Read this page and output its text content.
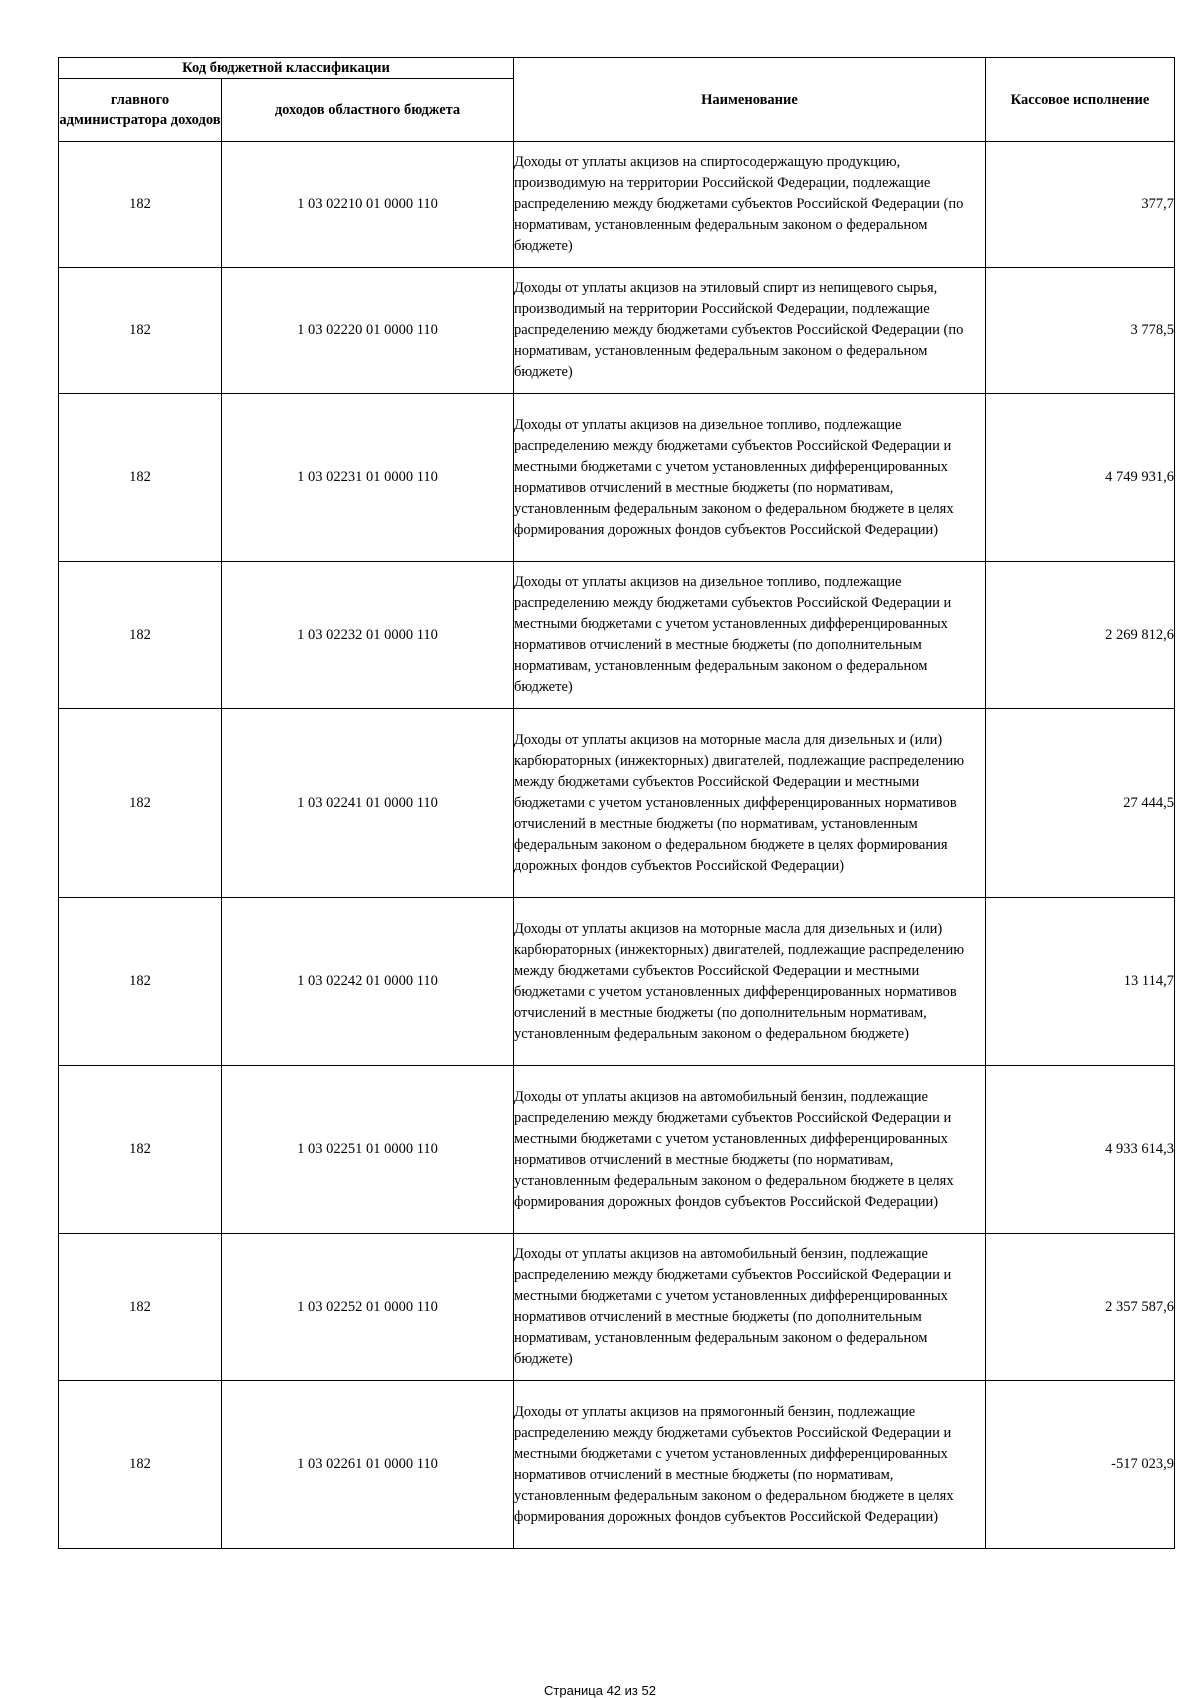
Код бюджетной классификации		Наименование	Кассовое исполнение
главного администратора доходов	доходов областного бюджета		
182	1 03 02210 01 0000 110	Доходы от уплаты акцизов на спиртосодержащую продукцию, производимую на территории Российской Федерации, подлежащие распределению между бюджетами субъектов Российской Федерации (по нормативам, установленным федеральным законом о федеральном бюджете)	377,7
182	1 03 02220 01 0000 110	Доходы от уплаты акцизов на этиловый спирт из непищевого сырья, производимый на территории Российской Федерации, подлежащие распределению между бюджетами субъектов Российской Федерации (по нормативам, установленным федеральным законом о федеральном бюджете)	3 778,5
182	1 03 02231 01 0000 110	Доходы от уплаты акцизов на дизельное топливо, подлежащие распределению между бюджетами субъектов Российской Федерации и местными бюджетами с учетом установленных дифференцированных нормативов отчислений в местные бюджеты (по нормативам, установленным федеральным законом о федеральном бюджете в целях формирования дорожных фондов субъектов Российской Федерации)	4 749 931,6
182	1 03 02232 01 0000 110	Доходы от уплаты акцизов на дизельное топливо, подлежащие распределению между бюджетами субъектов Российской Федерации и местными бюджетами с учетом установленных дифференцированных нормативов отчислений в местные бюджеты (по дополнительным нормативам, установленным федеральным законом о федеральном бюджете)	2 269 812,6
182	1 03 02241 01 0000 110	Доходы от уплаты акцизов на моторные масла для дизельных и (или) карбюраторных (инжекторных) двигателей, подлежащие распределению между бюджетами субъектов Российской Федерации и местными бюджетами с учетом установленных дифференцированных нормативов отчислений в местные бюджеты (по нормативам, установленным федеральным законом о федеральном бюджете в целях формирования дорожных фондов субъектов Российской Федерации)	27 444,5
182	1 03 02242 01 0000 110	Доходы от уплаты акцизов на моторные масла для дизельных и (или) карбюраторных (инжекторных) двигателей, подлежащие распределению между бюджетами субъектов Российской Федерации и местными бюджетами с учетом установленных дифференцированных нормативов отчислений в местные бюджеты (по дополнительным нормативам, установленным федеральным законом о федеральном бюджете)	13 114,7
182	1 03 02251 01 0000 110	Доходы от уплаты акцизов на автомобильный бензин, подлежащие распределению между бюджетами субъектов Российской Федерации и местными бюджетами с учетом установленных дифференцированных нормативов отчислений в местные бюджеты (по нормативам, установленным федеральным законом о федеральном бюджете в целях формирования дорожных фондов субъектов Российской Федерации)	4 933 614,3
182	1 03 02252 01 0000 110	Доходы от уплаты акцизов на автомобильный бензин, подлежащие распределению между бюджетами субъектов Российской Федерации и местными бюджетами с учетом установленных дифференцированных нормативов отчислений в местные бюджеты (по дополнительным нормативам, установленным федеральным законом о федеральном бюджете)	2 357 587,6
182	1 03 02261 01 0000 110	Доходы от уплаты акцизов на прямогонный бензин, подлежащие распределению между бюджетами субъектов Российской Федерации и местными бюджетами с учетом установленных дифференцированных нормативов отчислений в местные бюджеты (по нормативам, установленным федеральным законом о федеральном бюджете в целях формирования дорожных фондов субъектов Российской Федерации)	-517 023,9
Страница 42 из 52
